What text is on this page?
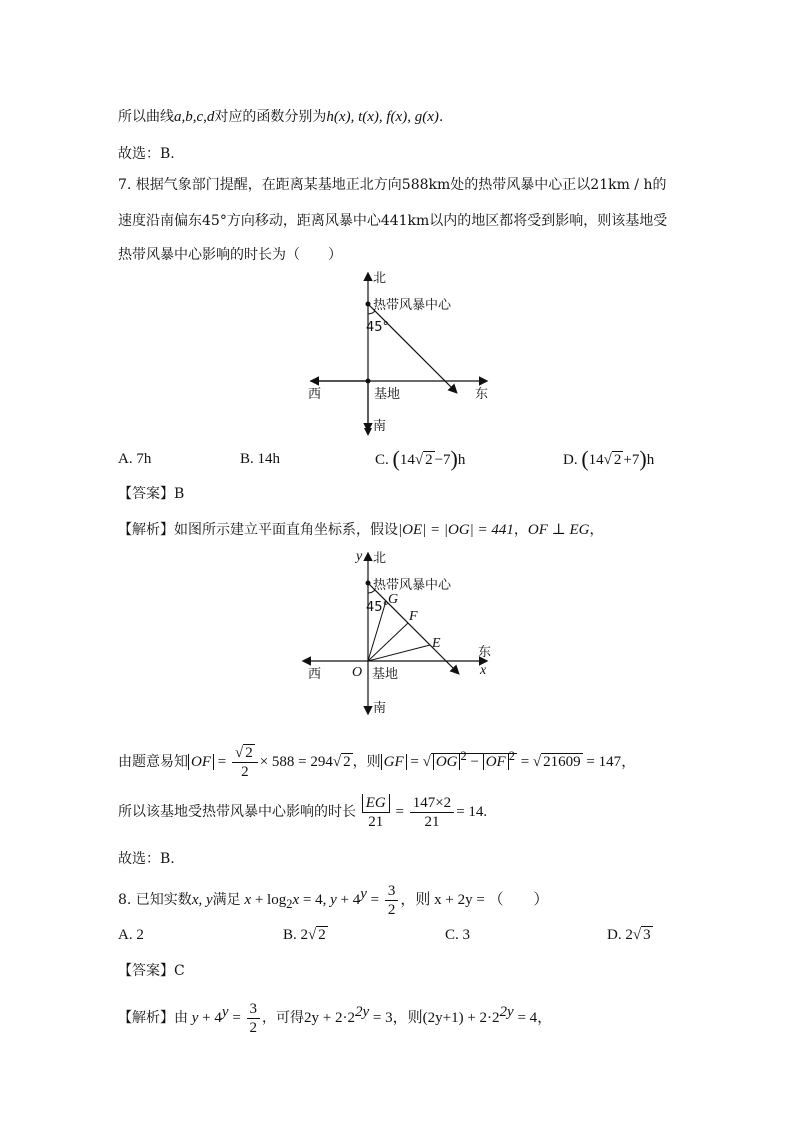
所以曲线a,b,c,d对应的函数分别为h(x), t(x), f(x), g(x).
故选：B.
7. 根据气象部门提醒，在距离某基地正北方向588km处的热带风暴中心正以21km / h的
速度沿南偏东45°方向移动，距离风暴中心441km以内的地区都将受到影响，则该基地受
热带风暴中心影响的时长为（　　）
北
热带风暴中心
45°
西	东
基地
南
A. 7h	B. 14h	C. (14√ 2 −7)h	D. (14√ 2 +7)h
【答案】B
【解析】如图所示建立平面直角坐标系，假设|OE| = |OG| = 441，OF ⊥ EG，
y 北
热带风暴中心
45°
G
F
E
O
西
东
x
基地
南
由题意易知 OF = $\frac{√ 2}{2} \times 588 = 294√$ 2 ，则 GF = √ OG $^2$ − OF $^2$ = √ 21609 = 147，
所以该基地受热带风暴中心影响的时长 $\frac{EG}{21} = \frac{147\times 2}{21} = 14$.
故选：B.
8. 已知实数x, y满足 $x + \log_2x = 4$, $y + 4^y = \frac{3}{2}$ ，则 x + 2y = （　　）
A. 2	B. 2√ 2	C. 3	D. 2√ 3
【答案】C
【解析】由 $y + 4^y = \frac{3}{2}$ ，可得$2y + 2\cdot 2^{2y} = 3$，则$(2y+1) + 2\cdot 2^{2y} = 4$，
